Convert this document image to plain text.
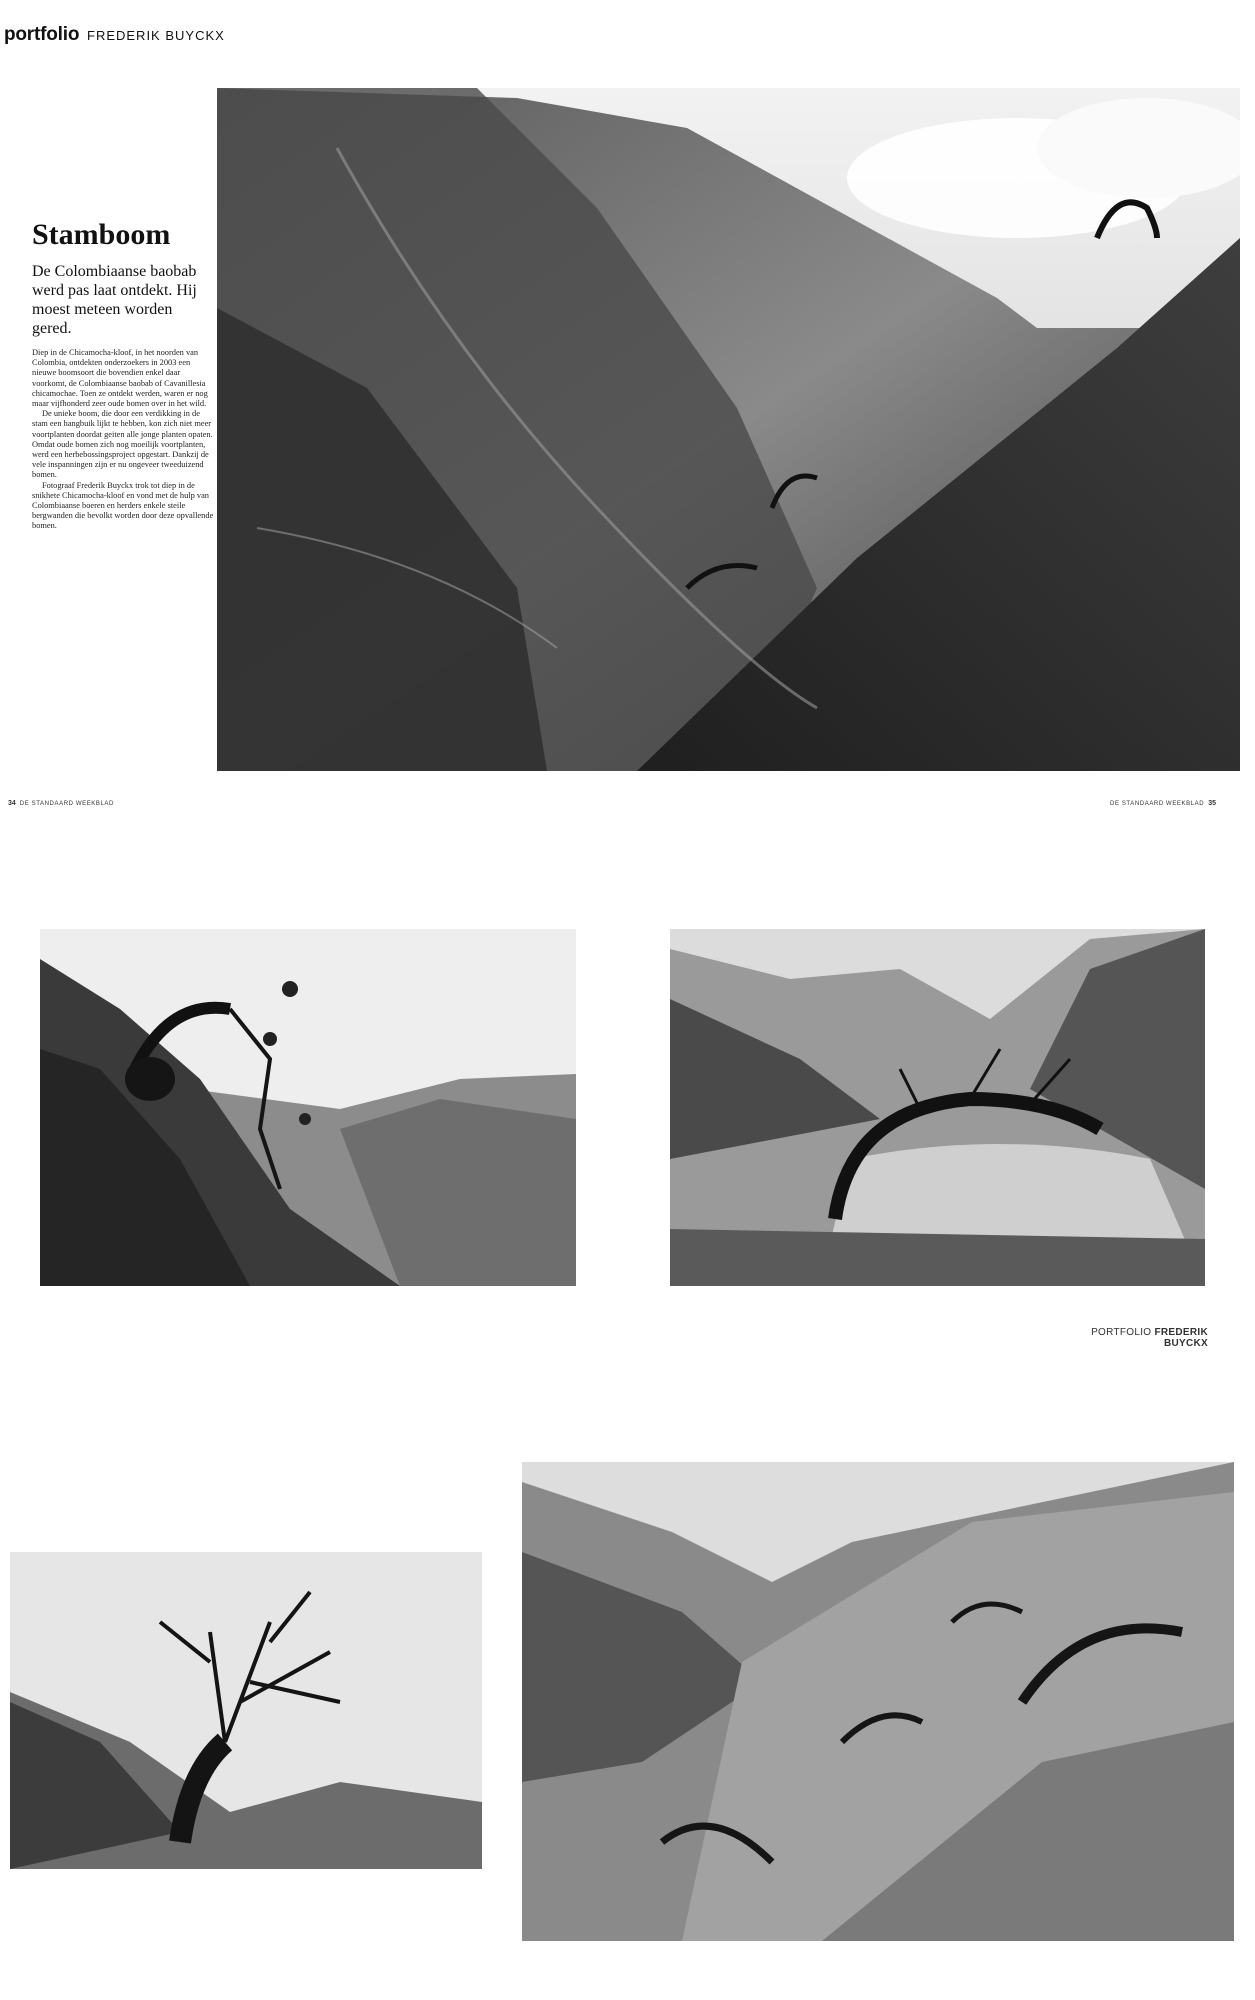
portfolio FREDERIK BUYCKX
Stamboom
De Colombiaanse baobab werd pas laat ontdekt. Hij moest meteen worden gered.

Diep in de Chicamocha-kloof, in het noorden van Colombia, ontdekten onderzoekers in 2003 een nieuwe boomsoort die bovendien enkel daar voorkomt, de Colombiaanse baobab of Cavanillesia chicamochae. Toen ze ontdekt werden, waren er nog maar vijfhonderd zeer oude bomen over in het wild.

De unieke boom, die door een verdikking in de stam een hangbuik lijkt te hebben, kon zich niet meer voortplanten doordat geiten alle jonge planten opaten. Omdat oude bomen zich nog moeilijk voortplanten, werd een herbebossingsproject opgestart. Dankzij de vele inspanningen zijn er nu ongeveer tweeduizend bomen.

Fotograaf Frederik Buyckx trok tot diep in de snikhete Chicamocha-kloof en vond met de hulp van Colombiaanse boeren en herders enkele steile bergwanden die bevolkt worden door deze opvallende bomen.

34 DE STANDAARD WEEKBLAD	DE STANDAARD WEEKBLAD 35
PORTFOLIO FREDERIK BUYCKX
